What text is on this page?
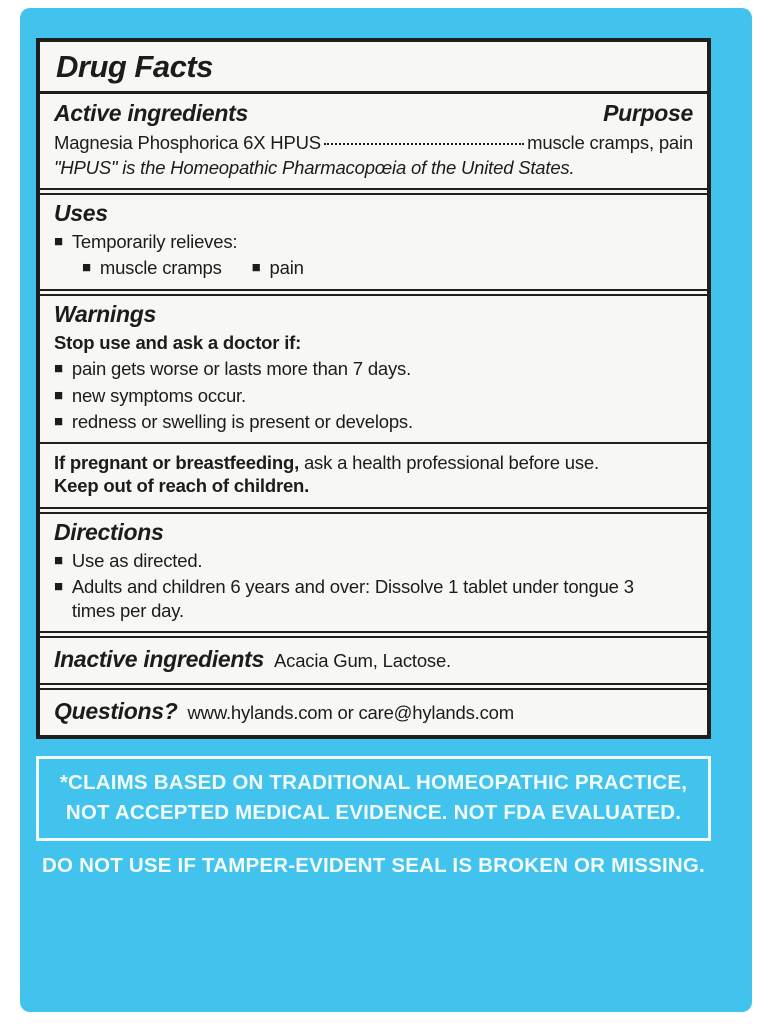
Drug Facts
Active ingredients	Purpose
Magnesia Phosphorica 6X HPUS	muscle cramps, pain
"HPUS" is the Homeopathic Pharmacopœia of the United States.
Uses
■ Temporarily relieves:
■ muscle cramps ■ pain
Warnings
Stop use and ask a doctor if:
■ pain gets worse or lasts more than 7 days.
■ new symptoms occur.
■ redness or swelling is present or develops.
If pregnant or breastfeeding, ask a health professional before use.
Keep out of reach of children.
Directions
■ Use as directed.
■ Adults and children 6 years and over: Dissolve 1 tablet under tongue 3 times per day.
Inactive ingredients Acacia Gum, Lactose.
Questions? www.hylands.com or care@hylands.com
*CLAIMS BASED ON TRADITIONAL HOMEOPATHIC PRACTICE,
NOT ACCEPTED MEDICAL EVIDENCE. NOT FDA EVALUATED.
DO NOT USE IF TAMPER-EVIDENT SEAL IS BROKEN OR MISSING.
